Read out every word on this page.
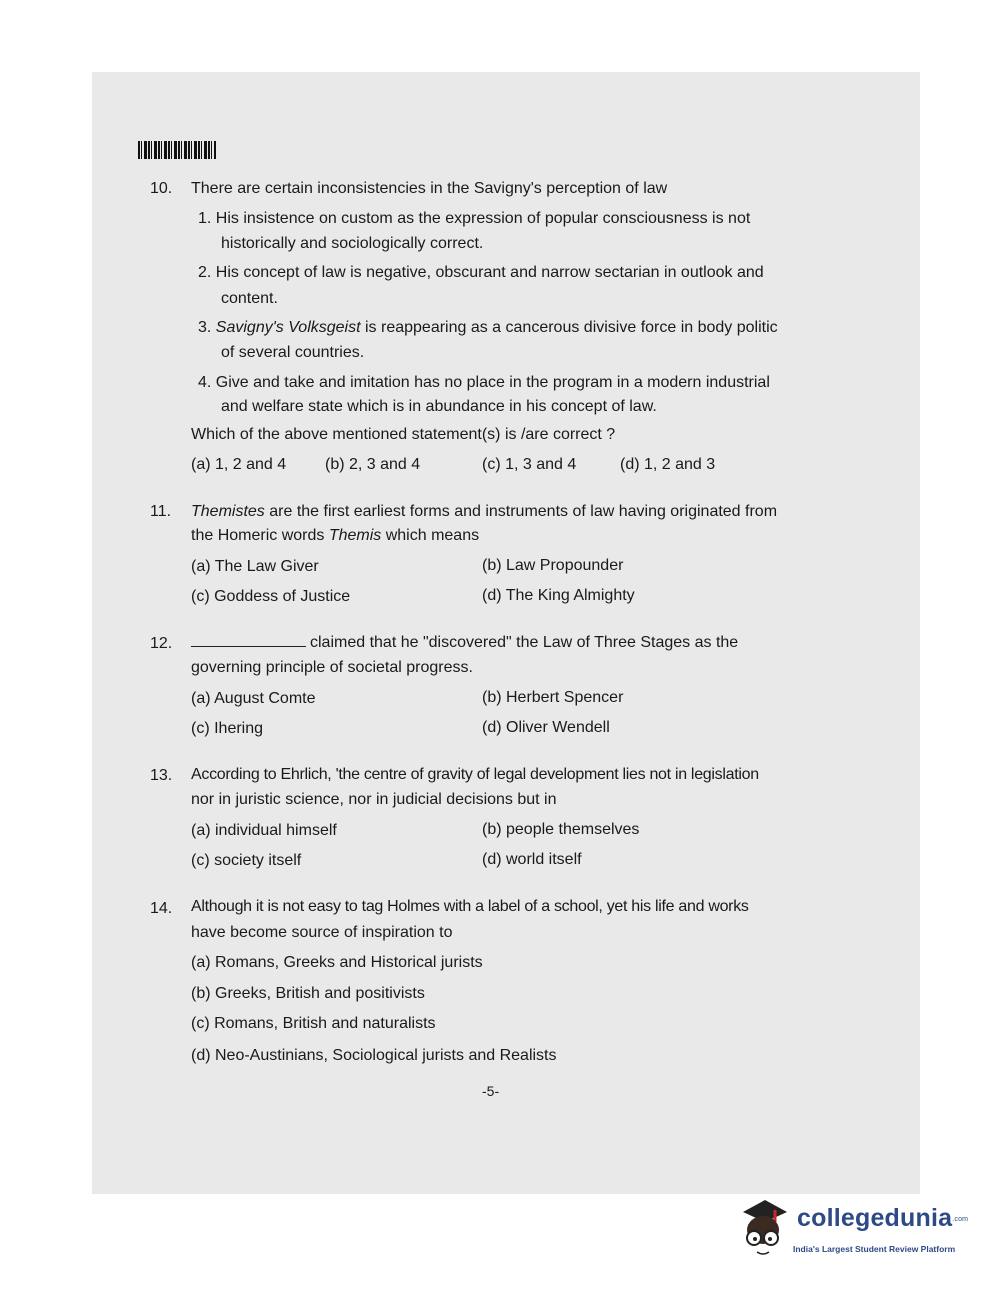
10. There are certain inconsistencies in the Savigny's perception of law
1. His insistence on custom as the expression of popular consciousness is not
historically and sociologically correct.
2. His concept of law is negative, obscurant and narrow sectarian in outlook and
content.
3. Savigny's Volksgeist is reappearing as a cancerous divisive force in body politic
of several countries.
4. Give and take and imitation has no place in the program in a modern industrial
and welfare state which is in abundance in his concept of law.
Which of the above mentioned statement(s) is /are correct ?
(a) 1, 2 and 4 (b) 2, 3 and 4	(c) 1, 3 and 4	(d) 1, 2 and 3
11. Themistes are the first earliest forms and instruments of law having originated from
the Homeric words Themis which means
(a) The Law Giver	(b) Law Propounder
(c) Goddess of Justice	(d) The King Almighty
12.	claimed that he "discovered" the Law of Three Stages as the
governing principle of societal progress.
(a) August Comte	(b) Herbert Spencer
(c) Ihering	(d) Oliver Wendell
13. According to Ehrlich, 'the centre of gravity of legal development lies not in legislation
nor in juristic science, nor in judicial decisions but in
(a) individual himself	(b) people themselves
(c) society itself	(d) world itself
14. Although it is not easy to tag Holmes with a label of a school, yet his life and works
have become source of inspiration to
(a) Romans, Greeks and Historical jurists
(b) Greeks, British and positivists
(c) Romans, British and naturalists
(d) Neo-Austinians, Sociological jurists and Realists
-5-
collegedunia.com
India's Largest Student Review Platform
